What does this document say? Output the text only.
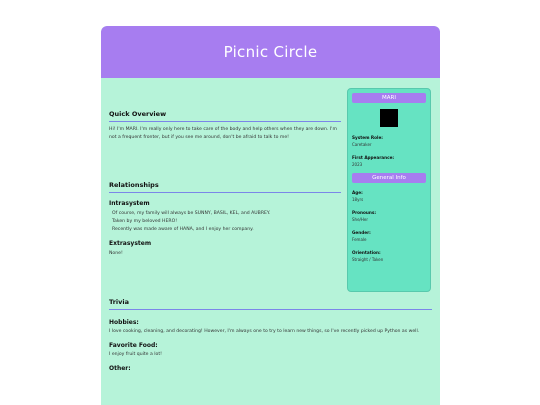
Picnic Circle
Quick Overview
Hi! I'm MARI. I'm really only here to take care of the body and help others when they are down. I'm not a frequent fronter, but if you see me around, don't be afraid to talk to me!
Relationships
Intrasystem
Of course, my family will always be SUNNY, BASIL, KEL, and AUBREY.
Taken by my beloved HERO!
Recently was made aware of HANA, and I enjoy her company.
Extrasystem
None!
MARI
System Role:
Caretaker
First Appearance:
2023
General Info
Age:
18yrs
Pronouns:
She/Her
Gender:
Female
Orientation:
Straight / Taken
Trivia
Hobbies:
I love cooking, cleaning, and decorating! However, I'm always one to try to learn new things, so I've recently picked up Python as well.
Favorite Food:
I enjoy fruit quite a lot!
Other:
